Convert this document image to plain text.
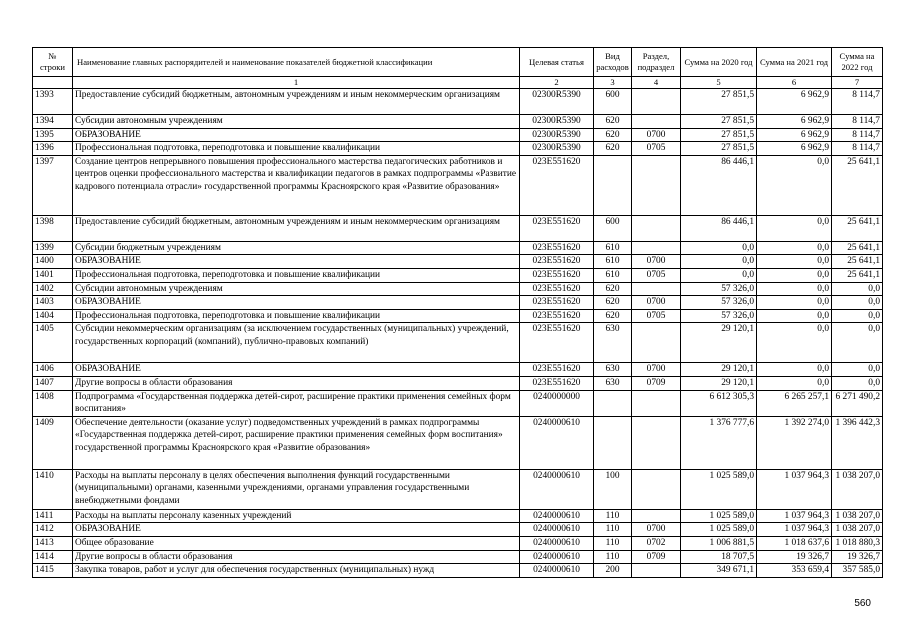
№ строки	Наименование главных распорядителей и наименование показателей бюджетной классификации	Целевая статья	Вид расходов	Раздел, подраздел	Сумма на 2020 год	Сумма на 2021 год	Сумма на 2022 год
	1	2	3	4	5	6	7
1393	Предоставление субсидий бюджетным, автономным учреждениям и иным некоммерческим организациям	02300R5390	600		27 851,5	6 962,9	8 114,7
1394	Субсидии автономным учреждениям	02300R5390	620		27 851,5	6 962,9	8 114,7
1395	ОБРАЗОВАНИЕ	02300R5390	620	0700	27 851,5	6 962,9	8 114,7
1396	Профессиональная подготовка, переподготовка и повышение квалификации	02300R5390	620	0705	27 851,5	6 962,9	8 114,7
1397	Создание центров непрерывного повышения профессионального мастерства педагогических работников и центров оценки профессионального мастерства и квалификации педагогов в рамках подпрограммы «Развитие кадрового потенциала отрасли» государственной программы Красноярского края «Развитие образования»	023E551620			86 446,1	0,0	25 641,1
1398	Предоставление субсидий бюджетным, автономным учреждениям и иным некоммерческим организациям	023E551620	600		86 446,1	0,0	25 641,1
1399	Субсидии бюджетным учреждениям	023E551620	610		0,0	0,0	25 641,1
1400	ОБРАЗОВАНИЕ	023E551620	610	0700	0,0	0,0	25 641,1
1401	Профессиональная подготовка, переподготовка и повышение квалификации	023E551620	610	0705	0,0	0,0	25 641,1
1402	Субсидии автономным учреждениям	023E551620	620		57 326,0	0,0	0,0
1403	ОБРАЗОВАНИЕ	023E551620	620	0700	57 326,0	0,0	0,0
1404	Профессиональная подготовка, переподготовка и повышение квалификации	023E551620	620	0705	57 326,0	0,0	0,0
1405	Субсидии некоммерческим организациям (за исключением государственных (муниципальных) учреждений, государственных корпораций (компаний), публично-правовых компаний)	023E551620	630		29 120,1	0,0	0,0
1406	ОБРАЗОВАНИЕ	023E551620	630	0700	29 120,1	0,0	0,0
1407	Другие вопросы в области образования	023E551620	630	0709	29 120,1	0,0	0,0
1408	Подпрограмма «Государственная поддержка детей-сирот, расширение практики применения семейных форм воспитания»	0240000000			6 612 305,3	6 265 257,1	6 271 490,2
1409	Обеспечение деятельности (оказание услуг) подведомственных учреждений в рамках подпрограммы «Государственная поддержка детей-сирот, расширение практики применения семейных форм воспитания» государственной программы Красноярского края «Развитие образования»	0240000610			1 376 777,6	1 392 274,0	1 396 442,3
1410	Расходы на выплаты персоналу в целях обеспечения выполнения функций государственными (муниципальными) органами, казенными учреждениями, органами управления государственными внебюджетными фондами	0240000610	100		1 025 589,0	1 037 964,3	1 038 207,0
1411	Расходы на выплаты персоналу казенных учреждений	0240000610	110		1 025 589,0	1 037 964,3	1 038 207,0
1412	ОБРАЗОВАНИЕ	0240000610	110	0700	1 025 589,0	1 037 964,3	1 038 207,0
1413	Общее образование	0240000610	110	0702	1 006 881,5	1 018 637,6	1 018 880,3
1414	Другие вопросы в области образования	0240000610	110	0709	18 707,5	19 326,7	19 326,7
1415	Закупка товаров, работ и услуг для обеспечения государственных (муниципальных) нужд	0240000610	200		349 671,1	353 659,4	357 585,0
560
